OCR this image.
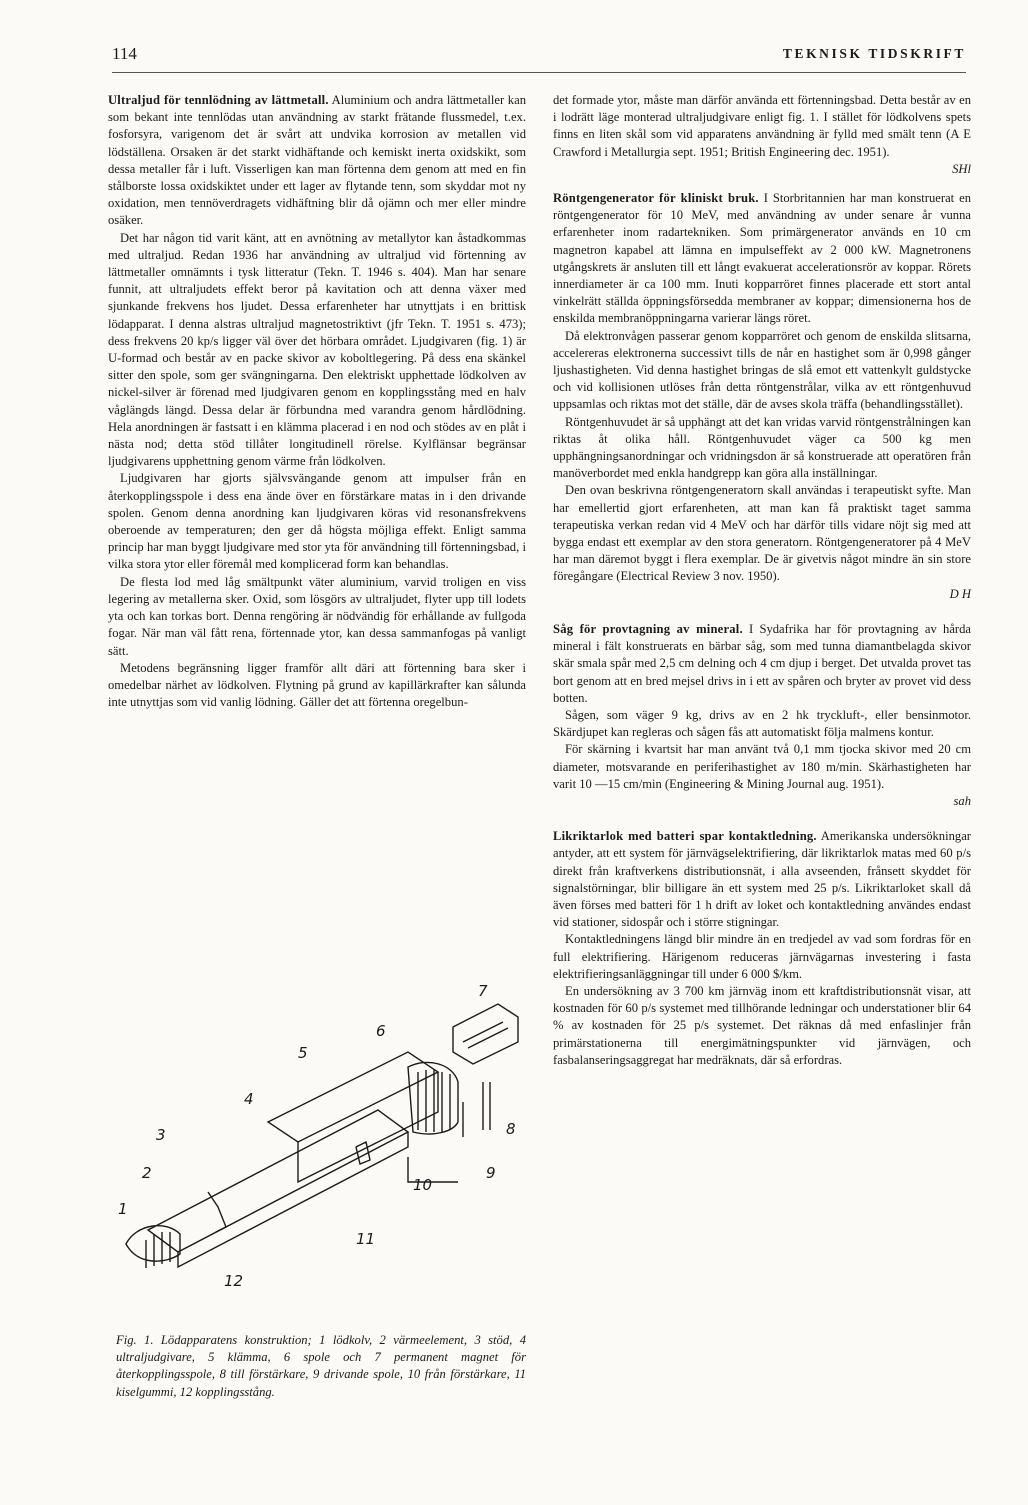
114	TEKNISK TIDSKRIFT

Ultraljud för tennlödning av lättmetall. Aluminium och andra lättmetaller kan som bekant inte tennlödas utan användning av starkt frätande flussmedel, t.ex. fosforsyra, varigenom det är svårt att undvika korrosion av metallen vid lödställena. Orsaken är det starkt vidhäftande och kemiskt inerta oxidskikt, som dessa metaller får i luft. Visserligen kan man förtenna dem genom att med en fin stålborste lossa oxidskiktet under ett lager av flytande tenn, som skyddar mot ny oxidation, men tennöverdragets vidhäftning blir då ojämn och mer eller mindre osäker.

Det har någon tid varit känt, att en avnötning av metallytor kan åstadkommas med ultraljud. Redan 1936 har användning av ultraljud vid förtenning av lättmetaller omnämnts i tysk litteratur (Tekn. T. 1946 s. 404). Man har senare funnit, att ultraljudets effekt beror på kavitation och att denna växer med sjunkande frekvens hos ljudet. Dessa erfarenheter har utnyttjats i en brittisk lödapparat. I denna alstras ultraljud magnetostriktivt (jfr Tekn. T. 1951 s. 473); dess frekvens 20 kp/s ligger väl över det hörbara området. Ljudgivaren (fig. 1) är U-formad och består av en packe skivor av koboltlegering. På dess ena skänkel sitter den spole, som ger svängningarna. Den elektriskt upphettade lödkolven av nickel-silver är förenad med ljudgivaren genom en kopplingsstång med en halv våglängds längd. Dessa delar är förbundna med varandra genom hårdlödning. Hela anordningen är fastsatt i en klämma placerad i en nod och stödes av en plåt i nästa nod; detta stöd tillåter longitudinell rörelse. Kylflänsar begränsar ljudgivarens upphettning genom värme från lödkolven.

Ljudgivaren har gjorts självsvängande genom att impulser från en återkopplingsspole i dess ena ände över en förstärkare matas in i den drivande spolen. Genom denna anordning kan ljudgivaren köras vid resonansfrekvens oberoende av temperaturen; den ger då högsta möjliga effekt. Enligt samma princip har man byggt ljudgivare med stor yta för användning till förtenningsbad, i vilka stora ytor eller föremål med komplicerad form kan behandlas.

De flesta lod med låg smältpunkt väter aluminium, varvid troligen en viss legering av metallerna sker. Oxid, som lösgörs av ultraljudet, flyter upp till lodets yta och kan torkas bort. Denna rengöring är nödvändig för erhållande av fullgoda fogar. När man väl fått rena, förtennade ytor, kan dessa sammanfogas på vanligt sätt.

Metodens begränsning ligger framför allt däri att förtenning bara sker i omedelbar närhet av lödkolven. Flytning på grund av kapillärkrafter kan sålunda inte utnyttjas som vid vanlig lödning. Gäller det att förtenna oregelbun-

1
2
3
4
5
6
7
8
9
10
11
12
Fig. 1. Lödapparatens konstruktion; 1 lödkolv, 2 värmeelement, 3 stöd, 4 ultraljudgivare, 5 klämma, 6 spole och 7 permanent magnet för återkopplingsspole, 8 till förstärkare, 9 drivande spole, 10 från förstärkare, 11 kiselgummi, 12 kopplingsstång.

det formade ytor, måste man därför använda ett förtenningsbad. Detta består av en i lodrätt läge monterad ultraljudgivare enligt fig. 1. I stället för lödkolvens spets finns en liten skål som vid apparatens användning är fylld med smält tenn (A E Crawford i Metallurgia sept. 1951; British Engineering dec. 1951).

SHl

Röntgengenerator för kliniskt bruk. I Storbritannien har man konstruerat en röntgengenerator för 10 MeV, med användning av under senare år vunna erfarenheter inom radartekniken. Som primärgenerator används en 10 cm magnetron kapabel att lämna en impulseffekt av 2 000 kW. Magnetronens utgångskrets är ansluten till ett långt evakuerat accelerationsrör av koppar. Rörets innerdiameter är ca 100 mm. Inuti kopparröret finnes placerade ett stort antal vinkelrätt ställda öppningsförsedda membraner av koppar; dimensionerna hos de enskilda membranöppningarna varierar längs röret.

Då elektronvågen passerar genom kopparröret och genom de enskilda slitsarna, accelereras elektronerna successivt tills de når en hastighet som är 0,998 gånger ljushastigheten. Vid denna hastighet bringas de slå emot ett vattenkylt guldstycke och vid kollisionen utlöses från detta röntgenstrålar, vilka av ett röntgenhuvud uppsamlas och riktas mot det ställe, där de avses skola träffa (behandlingsstället).

Röntgenhuvudet är så upphängt att det kan vridas varvid röntgenstrålningen kan riktas åt olika håll. Röntgenhuvudet väger ca 500 kg men upphängningsanordningar och vridningsdon är så konstruerade att operatören från manöverbordet med enkla handgrepp kan göra alla inställningar.

Den ovan beskrivna röntgengeneratorn skall användas i terapeutiskt syfte. Man har emellertid gjort erfarenheten, att man kan få praktiskt taget samma terapeutiska verkan redan vid 4 MeV och har därför tills vidare nöjt sig med att bygga endast ett exemplar av den stora generatorn. Röntgengeneratorer på 4 MeV har man däremot byggt i flera exemplar. De är givetvis något mindre än sin store föregångare (Electrical Review 3 nov. 1950).

D H

Såg för provtagning av mineral. I Sydafrika har för provtagning av hårda mineral i fält konstruerats en bärbar såg, som med tunna diamantbelagda skivor skär smala spår med 2,5 cm delning och 4 cm djup i berget. Det utvalda provet tas bort genom att en bred mejsel drivs in i ett av spåren och bryter av provet vid dess botten.

Sågen, som väger 9 kg, drivs av en 2 hk tryckluft-, eller bensinmotor. Skärdjupet kan regleras och sågen fås att automatiskt följa malmens kontur.

För skärning i kvartsit har man använt två 0,1 mm tjocka skivor med 20 cm diameter, motsvarande en periferihastighet av 180 m/min. Skärhastigheten har varit 10 —15 cm/min (Engineering & Mining Journal aug. 1951).

sah

Likriktarlok med batteri spar kontaktledning. Amerikanska undersökningar antyder, att ett system för järnvägselektrifiering, där likriktarlok matas med 60 p/s direkt från kraftverkens distributionsnät, i alla avseenden, frånsett skyddet för signalstörningar, blir billigare än ett system med 25 p/s. Likriktarloket skall då även förses med batteri för 1 h drift av loket och kontaktledning användes endast vid stationer, sidospår och i större stigningar.

Kontaktledningens längd blir mindre än en tredjedel av vad som fordras för en full elektrifiering. Härigenom reduceras järnvägarnas investering i fasta elektrifieringsanläggningar till under 6 000 $/km.

En undersökning av 3 700 km järnväg inom ett kraftdistributionsnät visar, att kostnaden för 60 p/s systemet med tillhörande ledningar och understationer blir 64 % av kostnaden för 25 p/s systemet. Det räknas då med enfaslinjer från primärstationerna till energimätningspunkter vid järnvägen, och fasbalanseringsaggregat har medräknats, där så erfordras.
